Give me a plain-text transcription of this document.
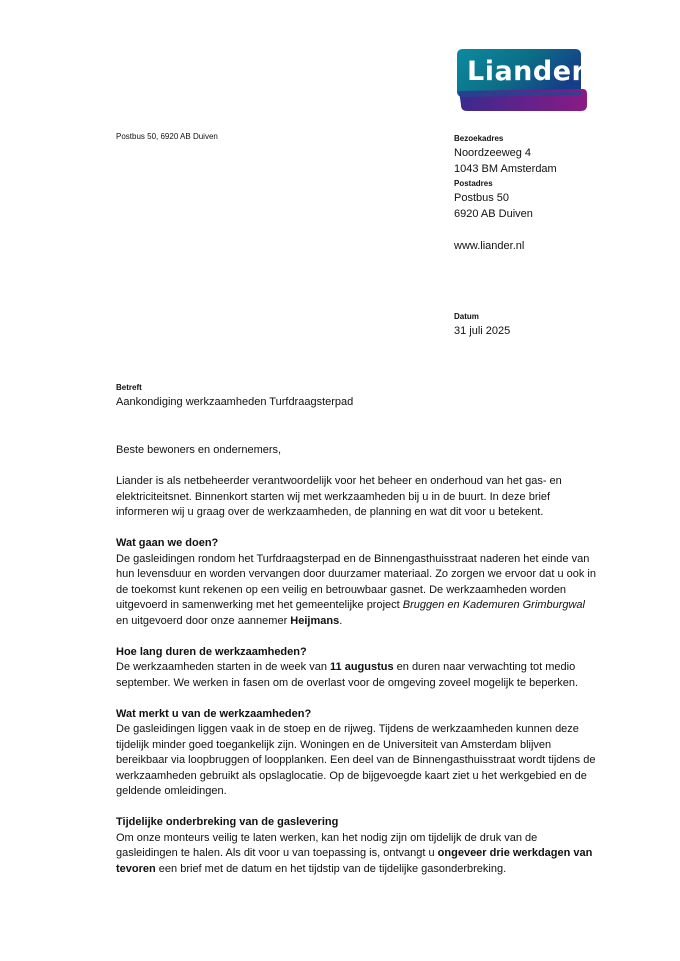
Liander
Postbus 50, 6920 AB Duiven	Bezoekadres
Noordzeeweg 4
1043 BM Amsterdam
Postadres
Postbus 50
6920 AB Duiven
www.liander.nl
Datum
31 juli 2025
Betreft
Aankondiging werkzaamheden Turfdraagsterpad

Beste bewoners en ondernemers,

Liander is als netbeheerder verantwoordelijk voor het beheer en onderhoud van het gas- en elektriciteitsnet. Binnenkort starten wij met werkzaamheden bij u in de buurt. In deze brief informeren wij u graag over de werkzaamheden, de planning en wat dit voor u betekent.

Wat gaan we doen?
De gasleidingen rondom het Turfdraagsterpad en de Binnengasthuisstraat naderen het einde van hun levensduur en worden vervangen door duurzamer materiaal. Zo zorgen we ervoor dat u ook in de toekomst kunt rekenen op een veilig en betrouwbaar gasnet. De werkzaamheden worden uitgevoerd in samenwerking met het gemeentelijke project Bruggen en Kademuren Grimburgwal en uitgevoerd door onze aannemer Heijmans.
Hoe lang duren de werkzaamheden?
De werkzaamheden starten in de week van 11 augustus en duren naar verwachting tot medio september. We werken in fasen om de overlast voor de omgeving zoveel mogelijk te beperken.
Wat merkt u van de werkzaamheden?
De gasleidingen liggen vaak in de stoep en de rijweg. Tijdens de werkzaamheden kunnen deze tijdelijk minder goed toegankelijk zijn. Woningen en de Universiteit van Amsterdam blijven bereikbaar via loopbruggen of loopplanken. Een deel van de Binnengasthuisstraat wordt tijdens de werkzaamheden gebruikt als opslaglocatie. Op de bijgevoegde kaart ziet u het werkgebied en de geldende omleidingen.
Tijdelijke onderbreking van de gaslevering
Om onze monteurs veilig te laten werken, kan het nodig zijn om tijdelijk de druk van de gasleidingen te halen. Als dit voor u van toepassing is, ontvangt u ongeveer drie werkdagen van tevoren een brief met de datum en het tijdstip van de tijdelijke gasonderbreking.
